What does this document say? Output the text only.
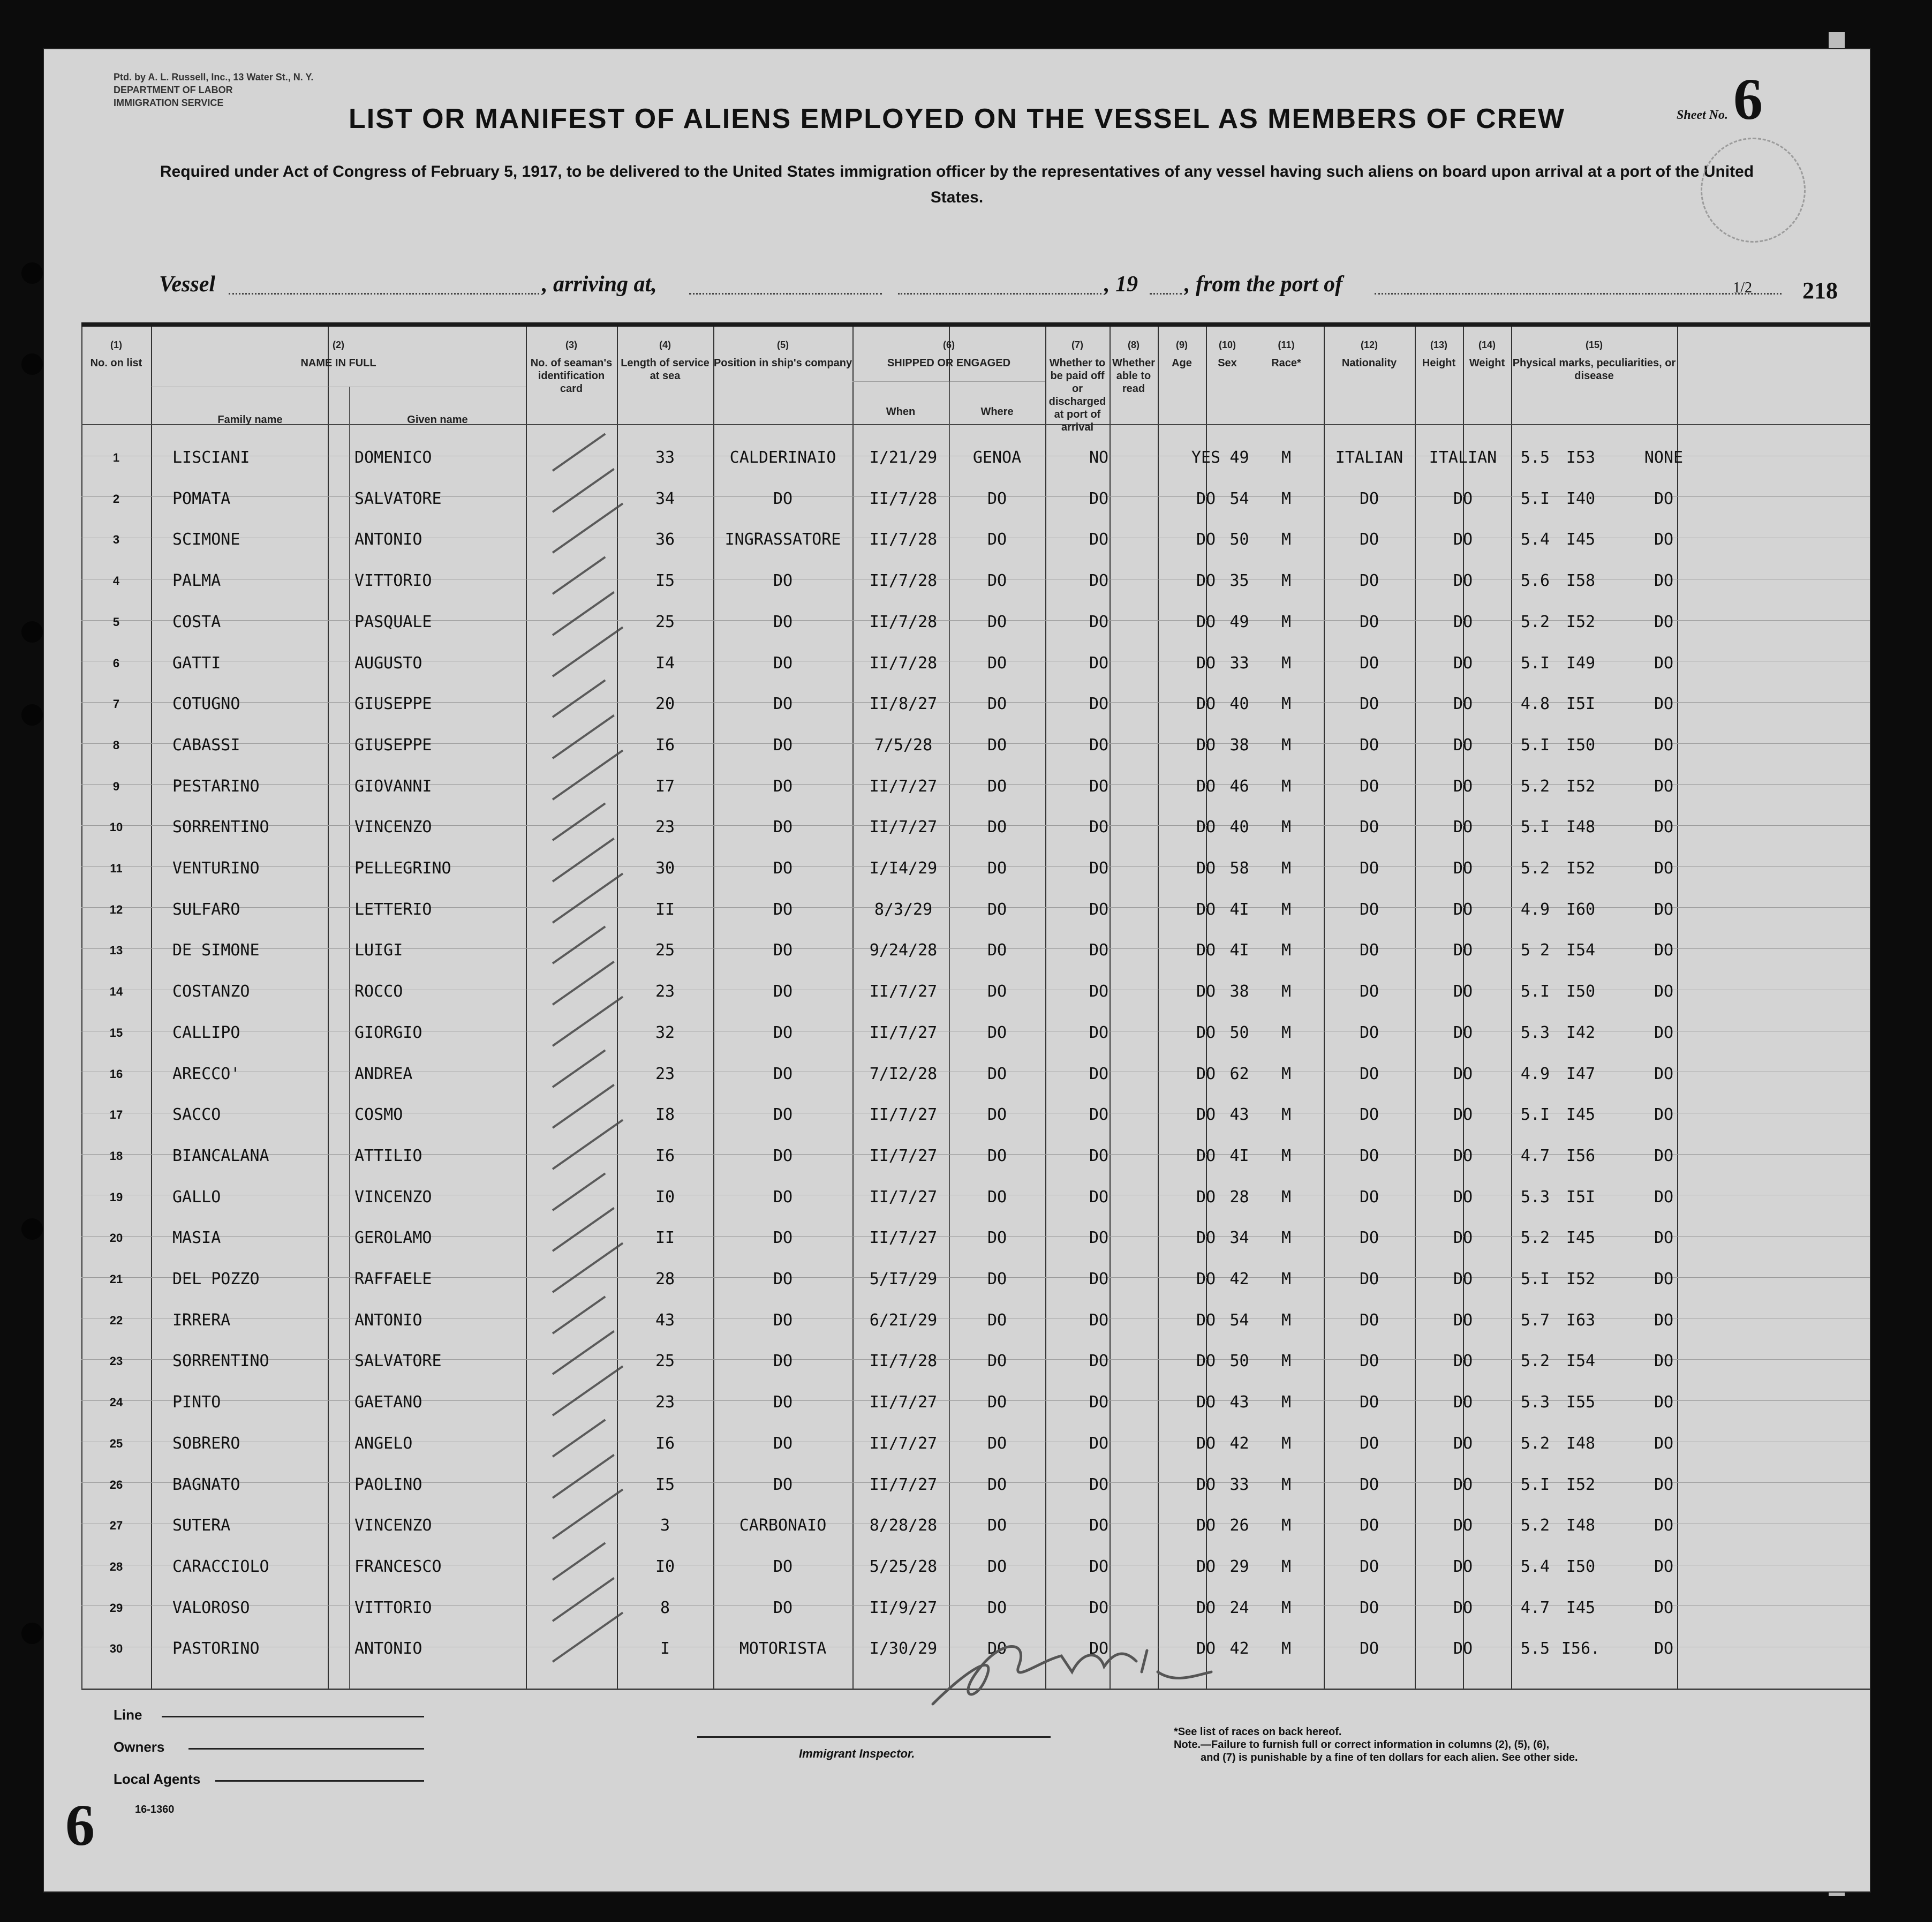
Ptd. by A. L. Russell, Inc., 13 Water St., N. Y.
DEPARTMENT OF LABOR
IMMIGRATION SERVICE
Sheet No.6
LIST OR MANIFEST OF ALIENS EMPLOYED ON THE VESSEL AS MEMBERS OF CREW
Required under Act of Congress of February 5, 1917, to be delivered to the United States immigration officer by the representatives of any vessel having such aliens on board upon arrival at a port of the United States.
Vessel	, arriving at,	, 19 , from the port of	1/2 218
(1)
No. on list
(2)
NAME IN FULL
Family name	Given name
(3)
No. of seaman's identification card
(4)
Length of service at sea
(5)
Position in ship's company
(6)
SHIPPED OR ENGAGED
When	Where
(7)
Whether to be paid off or discharged at port of arrival
(8)
Whether able to read
(9)
Age
(10)
Sex
(11)
Race*
(12)
Nationality
(13)
Height
(14)
Weight
(15)
Physical marks, peculiarities, or disease
1	LISCIANI	DOMENICO	33	CALDERINAIO	I/21/29	GENOA	NO	YES 49	M	ITALIAN	ITALIAN	5.5	I53	NONE
2	POMATA	SALVATORE	34	DO	II/7/28	DO	DO	DO 54	M	DO	DO	5.I	I40	DO
3	SCIMONE	ANTONIO	36	INGRASSATORE	II/7/28	DO	DO	DO 50	M	DO	DO	5.4	I45	DO
4	PALMA	VITTORIO	I5	DO	II/7/28	DO	DO	DO 35	M	DO	DO	5.6	I58	DO
5	COSTA	PASQUALE	25	DO	II/7/28	DO	DO	DO 49	M	DO	DO	5.2	I52	DO
6	GATTI	AUGUSTO	I4	DO	II/7/28	DO	DO	DO 33	M	DO	DO	5.I	I49	DO
7	COTUGNO	GIUSEPPE	20	DO	II/8/27	DO	DO	DO 40	M	DO	DO	4.8	I5I	DO
8	CABASSI	GIUSEPPE	I6	DO	7/5/28	DO	DO	DO 38	M	DO	DO	5.I	I50	DO
9	PESTARINO	GIOVANNI	I7	DO	II/7/27	DO	DO	DO 46	M	DO	DO	5.2	I52	DO
10	SORRENTINO	VINCENZO	23	DO	II/7/27	DO	DO	DO 40	M	DO	DO	5.I	I48	DO
11	VENTURINO	PELLEGRINO	30	DO	I/I4/29	DO	DO	DO 58	M	DO	DO	5.2	I52	DO
12	SULFARO	LETTERIO	II	DO	8/3/29	DO	DO	DO 4I	M	DO	DO	4.9	I60	DO
13	DE SIMONE	LUIGI	25	DO	9/24/28	DO	DO	DO 4I	M	DO	DO	5 2	I54	DO
14	COSTANZO	ROCCO	23	DO	II/7/27	DO	DO	DO 38	M	DO	DO	5.I	I50	DO
15	CALLIPO	GIORGIO	32	DO	II/7/27	DO	DO	DO 50	M	DO	DO	5.3	I42	DO
16	ARECCO'	ANDREA	23	DO	7/I2/28	DO	DO	DO 62	M	DO	DO	4.9	I47	DO
17	SACCO	COSMO	I8	DO	II/7/27	DO	DO	DO 43	M	DO	DO	5.I	I45	DO
18	BIANCALANA	ATTILIO	I6	DO	II/7/27	DO	DO	DO 4I	M	DO	DO	4.7	I56	DO
19	GALLO	VINCENZO	I0	DO	II/7/27	DO	DO	DO 28	M	DO	DO	5.3	I5I	DO
20	MASIA	GEROLAMO	II	DO	II/7/27	DO	DO	DO 34	M	DO	DO	5.2	I45	DO
21	DEL POZZO	RAFFAELE	28	DO	5/I7/29	DO	DO	DO 42	M	DO	DO	5.I	I52	DO
22	IRRERA	ANTONIO	43	DO	6/2I/29	DO	DO	DO 54	M	DO	DO	5.7	I63	DO
23	SORRENTINO	SALVATORE	25	DO	II/7/28	DO	DO	DO 50	M	DO	DO	5.2	I54	DO
24	PINTO	GAETANO	23	DO	II/7/27	DO	DO	DO 43	M	DO	DO	5.3	I55	DO
25	SOBRERO	ANGELO	I6	DO	II/7/27	DO	DO	DO 42	M	DO	DO	5.2	I48	DO
26	BAGNATO	PAOLINO	I5	DO	II/7/27	DO	DO	DO 33	M	DO	DO	5.I	I52	DO
27	SUTERA	VINCENZO	3	CARBONAIO	8/28/28	DO	DO	DO 26	M	DO	DO	5.2	I48	DO
28	CARACCIOLO	FRANCESCO	I0	DO	5/25/28	DO	DO	DO 29	M	DO	DO	5.4	I50	DO
29	VALOROSO	VITTORIO	8	DO	II/9/27	DO	DO	DO 24	M	DO	DO	4.7	I45	DO
30	PASTORINO	ANTONIO	I	MOTORISTA	I/30/29	DO	DO	DO 42	M	DO	DO	5.5 I56.	DO
Line
Owners
Local Agents
16-1360
Immigrant Inspector.
*See list of races on back hereof.
Note.—Failure to furnish full or correct information in columns (2), (5), (6),
and (7) is punishable by a fine of ten dollars for each alien. See other side.
6
